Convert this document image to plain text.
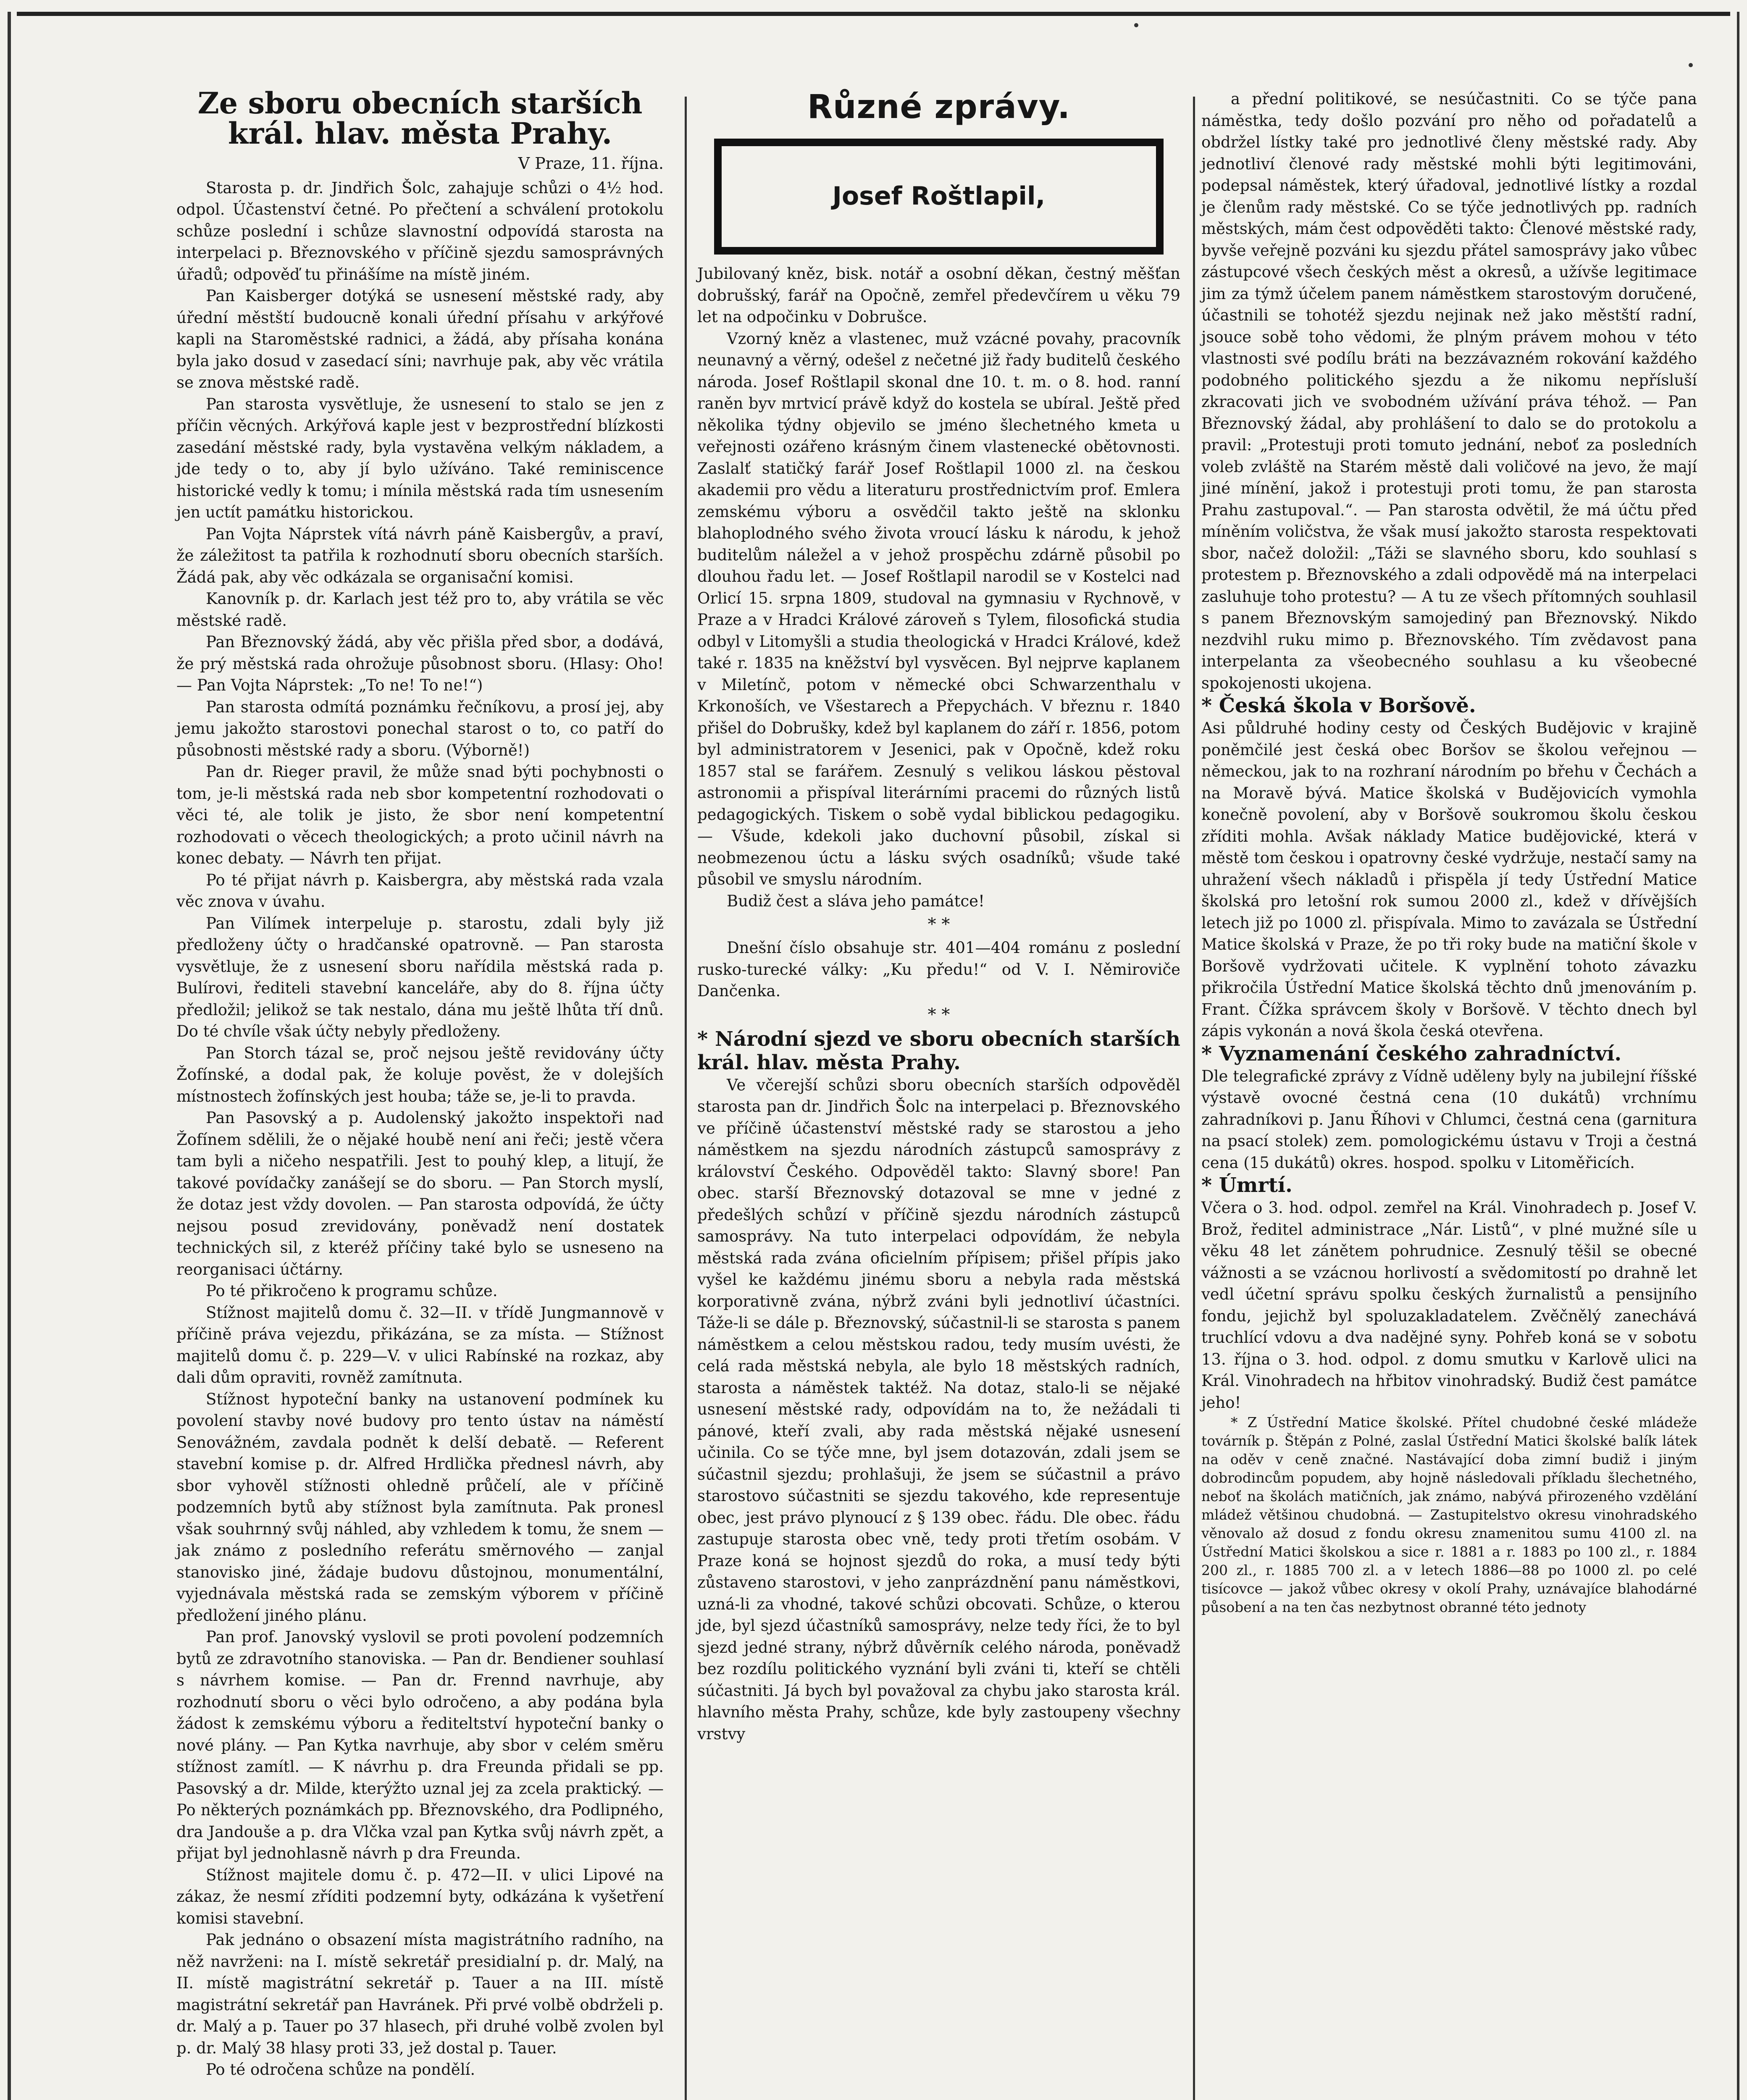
Ze sboru obecních starších král. hlav. města Prahy.
V Praze, 11. října.

Starosta p. dr. Jindřich Šolc, zahajuje schůzi o 4½ hod. odpol. Účastenství četné. Po přečtení a schválení protokolu schůze poslední i schůze slavnostní odpovídá starosta na interpelaci p. Březnovského v příčině sjezdu samosprávných úřadů; odpověď tu přinášíme na místě jiném.

Pan Kaisberger dotýká se usnesení městské rady, aby úřední městští budoucně konali úřední přísahu v arkýřové kapli na Staroměstské radnici, a žádá, aby přísaha konána byla jako dosud v zasedací síni; navrhuje pak, aby věc vrátila se znova městské radě.

Pan starosta vysvětluje, že usnesení to stalo se jen z příčin věcných. Arkýřová kaple jest v bezprostřední blízkosti zasedání městské rady, byla vystavěna velkým nákladem, a jde tedy o to, aby jí bylo užíváno. Také reminiscence historické vedly k tomu; i mínila městská rada tím usnesením jen uctít památku historickou.

Pan Vojta Náprstek vítá návrh páně Kaisbergův, a praví, že záležitost ta patřila k rozhodnutí sboru obecních starších. Žádá pak, aby věc odkázala se organisační komisi.

Kanovník p. dr. Karlach jest též pro to, aby vrátila se věc městské radě.

Pan Březnovský žádá, aby věc přišla před sbor, a dodává, že prý městská rada ohrožuje působnost sboru. (Hlasy: Oho! — Pan Vojta Náprstek: „To ne! To ne!“)

Pan starosta odmítá poznámku řečníkovu, a prosí jej, aby jemu jakožto starostovi ponechal starost o to, co patří do působnosti městské rady a sboru. (Výborně!)

Pan dr. Rieger pravil, že může snad býti pochybnosti o tom, je-li městská rada neb sbor kompetentní rozhodovati o věci té, ale tolik je jisto, že sbor není kompetentní rozhodovati o věcech theologických; a proto učinil návrh na konec debaty. — Návrh ten přijat.

Po té přijat návrh p. Kaisbergra, aby městská rada vzala věc znova v úvahu.

Pan Vilímek interpeluje p. starostu, zdali byly již předloženy účty o hradčanské opatrovně. — Pan starosta vysvětluje, že z usnesení sboru nařídila městská rada p. Bulírovi, řediteli stavební kanceláře, aby do 8. října účty předložil; jelikož se tak nestalo, dána mu ještě lhůta tří dnů. Do té chvíle však účty nebyly předloženy.

Pan Storch tázal se, proč nejsou ještě revidovány účty Žofínské, a dodal pak, že koluje pověst, že v dolejších místnostech žofínských jest houba; táže se, je-li to pravda.

Pan Pasovský a p. Audolenský jakožto inspektoři nad Žofínem sdělili, že o nějaké houbě není ani řeči; jestě včera tam byli a ničeho nespatřili. Jest to pouhý klep, a litují, že takové povídačky zanášejí se do sboru. — Pan Storch myslí, že dotaz jest vždy dovolen. — Pan starosta odpovídá, že účty nejsou posud zrevidovány, poněvadž není dostatek technických sil, z kteréž příčiny také bylo se usneseno na reorganisaci účtárny.

Po té přikročeno k programu schůze.

Stížnost majitelů domu č. 32—II. v třídě Jungmannově v příčině práva vejezdu, přikázána, se za místa. — Stížnost majitelů domu č. p. 229—V. v ulici Rabínské na rozkaz, aby dali dům opraviti, rovněž zamítnuta.

Stížnost hypoteční banky na ustanovení podmínek ku povolení stavby nové budovy pro tento ústav na náměstí Senovážném, zavdala podnět k delší debatě. — Referent stavební komise p. dr. Alfred Hrdlička přednesl návrh, aby sbor vyhověl stížnosti ohledně průčelí, ale v příčině podzemních bytů aby stížnost byla zamítnuta. Pak pronesl však souhrnný svůj náhled, aby vzhledem k tomu, že snem — jak známo z posledního referátu směrnového — zanjal stanovisko jiné, žádaje budovu důstojnou, monumentální, vyjednávala městská rada se zemským výborem v příčině předložení jiného plánu.

Pan prof. Janovský vyslovil se proti povolení podzemních bytů ze zdravotního stanoviska. — Pan dr. Bendiener souhlasí s návrhem komise. — Pan dr. Frennd navrhuje, aby rozhodnutí sboru o věci bylo odročeno, a aby podána byla žádost k zemskému výboru a řediteltství hypoteční banky o nové plány. — Pan Kytka navrhuje, aby sbor v celém směru stížnost zamítl. — K návrhu p. dra Freunda přidali se pp. Pasovský a dr. Milde, kterýžto uznal jej za zcela praktický. — Po některých poznámkách pp. Březnovského, dra Podlipného, dra Jandouše a p. dra Vlčka vzal pan Kytka svůj návrh zpět, a přijat byl jednohlasně návrh p dra Freunda.

Stížnost majitele domu č. p. 472—II. v ulici Lipové na zákaz, že nesmí zříditi podzemní byty, odkázána k vyšetření komisi stavební.

Pak jednáno o obsazení místa magistrátního radního, na něž navrženi: na I. místě sekretář presidialní p. dr. Malý, na II. místě magistrátní sekretář p. Tauer a na III. místě magistrátní sekretář pan Havránek. Při prvé volbě obdrželi p. dr. Malý a p. Tauer po 37 hlasech, při druhé volbě zvolen byl p. dr. Malý 38 hlasy proti 33, jež dostal p. Tauer.

Po té odročena schůze na pondělí.

Různé zprávy.
Josef Roštlapil,

Jubilovaný kněz, bisk. notář a osobní děkan, čestný měšťan dobrušský, farář na Opočně, zemřel předevčírem u věku 79 let na odpočinku v Dobrušce.

Vzorný kněz a vlastenec, muž vzácné povahy, pracovník neunavný a věrný, odešel z nečetné již řady buditelů českého národa. Josef Roštlapil skonal dne 10. t. m. o 8. hod. ranní raněn byv mrtvicí právě když do kostela se ubíral. Ještě před několika týdny objevilo se jméno šlechetného kmeta u veřejnosti ozářeno krásným činem vlastenecké obětovnosti. Zaslalť statičký farář Josef Roštlapil 1000 zl. na českou akademii pro vědu a literaturu prostřednictvím prof. Emlera zemskému výboru a osvědčil takto ještě na sklonku blahoplodného svého života vroucí lásku k národu, k jehož buditelům náležel a v jehož prospěchu zdárně působil po dlouhou řadu let. — Josef Roštlapil narodil se v Kostelci nad Orlicí 15. srpna 1809, studoval na gymnasiu v Rychnově, v Praze a v Hradci Králové zároveň s Tylem, filosofická studia odbyl v Litomyšli a studia theologická v Hradci Králové, kdež také r. 1835 na kněžství byl vysvěcen. Byl nejprve kaplanem v Miletínč, potom v německé obci Schwarzenthalu v Krkonoších, ve Všestarech a Přepychách. V březnu r. 1840 přišel do Dobrušky, kdež byl kaplanem do září r. 1856, potom byl administratorem v Jesenici, pak v Opočně, kdež roku 1857 stal se farářem. Zesnulý s velikou láskou pěstoval astronomii a přispíval literárními pracemi do různých listů pedagogických. Tiskem o sobě vydal biblickou pedagogiku. — Všude, kdekoli jako duchovní působil, získal si neobmezenou úctu a lásku svých osadníků; všude také působil ve smyslu národním.

Budiž čest a sláva jeho památce!

* *

Dnešní číslo obsahuje str. 401—404 románu z poslední rusko-turecké války: „Ku předu!“ od V. I. Němiroviče Dančenka.

* *
* Národní sjezd ve sboru obecních starších král. hlav. města Prahy.

Ve včerejší schůzi sboru obecních starších odpověděl starosta pan dr. Jindřich Šolc na interpelaci p. Březnovského ve příčině účastenství městské rady se starostou a jeho náměstkem na sjezdu národních zástupců samosprávy z království Českého. Odpověděl takto: Slavný sbore! Pan obec. starší Březnovský dotazoval se mne v jedné z předešlých schůzí v příčině sjezdu národních zástupců samosprávy. Na tuto interpelaci odpovídám, že nebyla městská rada zvána oficielním přípisem; přišel přípis jako vyšel ke každému jinému sboru a nebyla rada městská korporativně zvána, nýbrž zváni byli jednotliví účastníci. Táže-li se dále p. Březnovský, súčastnil-li se starosta s panem náměstkem a celou městskou radou, tedy musím uvésti, že celá rada městská nebyla, ale bylo 18 městských radních, starosta a náměstek taktéž. Na dotaz, stalo-li se nějaké usnesení městské rady, odpovídám na to, že nežádali ti pánové, kteří zvali, aby rada městská nějaké usnesení učinila. Co se týče mne, byl jsem dotazován, zdali jsem se súčastnil sjezdu; prohlašuji, že jsem se súčastnil a právo starostovo súčastniti se sjezdu takového, kde representuje obec, jest právo plynoucí z § 139 obec. řádu. Dle obec. řádu zastupuje starosta obec vně, tedy proti třetím osobám. V Praze koná se hojnost sjezdů do roka, a musí tedy býti zůstaveno starostovi, v jeho zanprázdnění panu náměstkovi, uzná-li za vhodné, takové schůzi obcovati. Schůze, o kterou jde, byl sjezd účastníků samosprávy, nelze tedy říci, že to byl sjezd jedné strany, nýbrž důvěrník celého národa, poněvadž bez rozdílu politického vyznání byli zváni ti, kteří se chtěli súčastniti. Já bych byl považoval za chybu jako starosta král. hlavního města Prahy, schůze, kde byly zastoupeny všechny vrstvy

a přední politikové, se nesúčastniti. Co se týče pana náměstka, tedy došlo pozvání pro něho od pořadatelů a obdržel lístky také pro jednotlivé členy městské rady. Aby jednotliví členové rady městské mohli býti legitimováni, podepsal náměstek, který úřadoval, jednotlivé lístky a rozdal je členům rady městské. Co se týče jednotlivých pp. radních městských, mám čest odpověděti takto: Členové městské rady, byvše veřejně pozváni ku sjezdu přátel samosprávy jako vůbec zástupcové všech českých měst a okresů, a užívše legitimace jim za týmž účelem panem náměstkem starostovým doručené, účastnili se tohotéž sjezdu nejinak než jako městští radní, jsouce sobě toho vědomi, že plným právem mohou v této vlastnosti své podílu bráti na bezzávazném rokování každého podobného politického sjezdu a že nikomu nepřísluší zkracovati jich ve svobodném užívání práva téhož. — Pan Březnovský žádal, aby prohlášení to dalo se do protokolu a pravil: „Protestuji proti tomuto jednání, neboť za posledních voleb zvláště na Starém městě dali voličové na jevo, že mají jiné mínění, jakož i protestuji proti tomu, že pan starosta Prahu zastupoval.“. — Pan starosta odvětil, že má účtu před míněním voličstva, že však musí jakožto starosta respektovati sbor, načež doložil: „Táži se slavného sboru, kdo souhlasí s protestem p. Březnovského a zdali odpovědě má na interpelaci zasluhuje toho protestu? — A tu ze všech přítomných souhlasil s panem Březnovským samojediný pan Březnovský. Nikdo nezdvihl ruku mimo p. Březnovského. Tím zvědavost pana interpelanta za všeobecného souhlasu a ku všeobecné spokojenosti ukojena.

* Česká škola v Boršově.

Asi půldruhé hodiny cesty od Českých Budějovic v krajině poněmčilé jest česká obec Boršov se školou veřejnou — německou, jak to na rozhraní národním po břehu v Čechách a na Moravě bývá. Matice školská v Budějovicích vymohla konečně povolení, aby v Boršově soukromou školu českou zříditi mohla. Avšak náklady Matice budějovické, která v městě tom českou i opatrovny české vydržuje, nestačí samy na uhražení všech nákladů i přispěla jí tedy Ústřední Matice školská pro letošní rok sumou 2000 zl., kdež v dřívějších letech již po 1000 zl. přispívala. Mimo to zavázala se Ústřední Matice školská v Praze, že po tři roky bude na matiční škole v Boršově vydržovati učitele. K vyplnění tohoto závazku přikročila Ústřední Matice školská těchto dnů jmenováním p. Frant. Čížka správcem školy v Boršově. V těchto dnech byl zápis vykonán a nová škola česká otevřena.

* Vyznamenání českého zahradníctví.

Dle telegrafické zprávy z Vídně uděleny byly na jubilejní říšské výstavě ovocné čestná cena (10 dukátů) vrchnímu zahradníkovi p. Janu Říhovi v Chlumci, čestná cena (garnitura na psací stolek) zem. pomologickému ústavu v Troji a čestná cena (15 dukátů) okres. hospod. spolku v Litoměřicích.

* Úmrtí.

Včera o 3. hod. odpol. zemřel na Král. Vinohradech p. Josef V. Brož, ředitel administrace „Nár. Listů“, v plné mužné síle u věku 48 let zánětem pohrudnice. Zesnulý těšil se obecné vážnosti a se vzácnou horlivostí a svědomitostí po drahně let vedl účetní správu spolku českých žurnalistů a pensijního fondu, jejichž byl spoluzakladatelem. Zvěčnělý zanechává truchlící vdovu a dva nadějné syny. Pohřeb koná se v sobotu 13. října o 3. hod. odpol. z domu smutku v Karlově ulici na Král. Vinohradech na hřbitov vinohradský. Budiž čest památce jeho!

* Z Ústřední Matice školské. Přítel chudobné české mládeže továrník p. Štěpán z Polné, zaslal Ústřední Matici školské balík látek na oděv v ceně značné. Nastávající doba zimní budiž i jiným dobrodincům popudem, aby hojně následovali příkladu šlechetného, neboť na školách matičních, jak známo, nabývá přirozeného vzdělání mládež většinou chudobná. — Zastupitelstvo okresu vinohradského věnovalo až dosud z fondu okresu znamenitou sumu 4100 zl. na Ústřední Matici školskou a sice r. 1881 a r. 1883 po 100 zl., r. 1884 200 zl., r. 1885 700 zl. a v letech 1886—88 po 1000 zl. po celé tisícovce — jakož vůbec okresy v okolí Prahy, uznávajíce blahodárné působení a na ten čas nezbytnost obranné této jednoty
